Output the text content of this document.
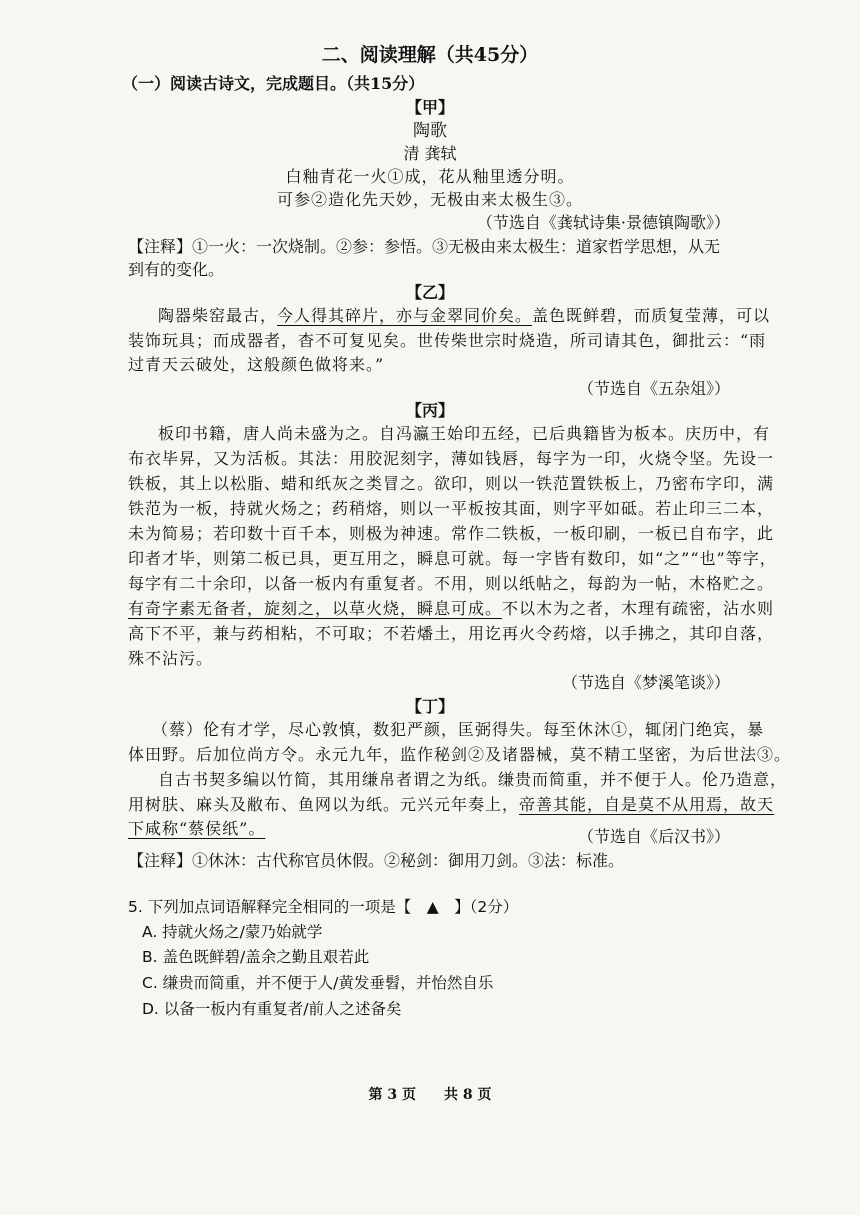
二、阅读理解（共45分）
（一）阅读古诗文，完成题目。（共15分）
【甲】
陶歌
清 龚轼
白釉青花一火①成，花从釉里透分明。
可参②造化先天妙，无极由来太极生③。
（节选自《龚轼诗集·景德镇陶歌》）
【注释】①一火：一次烧制。②参：参悟。③无极由来太极生：道家哲学思想，从无
到有的变化。
【乙】
陶器柴窑最古，今人得其碎片，亦与金翠同价矣。盖色既鲜碧，而质复莹薄，可以
装饰玩具；而成器者，杳不可复见矣。世传柴世宗时烧造，所司请其色，御批云：“雨
过青天云破处，这般颜色做将来。”
（节选自《五杂俎》）
【丙】
板印书籍，唐人尚未盛为之。自冯瀛王始印五经，已后典籍皆为板本。庆历中，有
布衣毕昇，又为活板。其法：用胶泥刻字，薄如钱唇，每字为一印，火烧令坚。先设一
铁板，其上以松脂、蜡和纸灰之类冒之。欲印，则以一铁范置铁板上，乃密布字印，满
铁范为一板，持就火炀之；药稍熔，则以一平板按其面，则字平如砥。若止印三二本，
未为简易；若印数十百千本，则极为神速。常作二铁板，一板印刷，一板已自布字，此
印者才毕，则第二板已具，更互用之，瞬息可就。每一字皆有数印，如“之”“也”等字，
每字有二十余印，以备一板内有重复者。不用，则以纸帖之，每韵为一帖，木格贮之。
有奇字素无备者，旋刻之，以草火烧，瞬息可成。不以木为之者，木理有疏密，沾水则
高下不平，兼与药相粘，不可取；不若燔土，用讫再火令药熔，以手拂之，其印自落，
殊不沾污。
（节选自《梦溪笔谈》）
【丁】
（蔡）伦有才学，尽心敦慎，数犯严颜，匡弼得失。每至休沐①，辄闭门绝宾，暴
体田野。后加位尚方令。永元九年，监作秘剑②及诸器械，莫不精工坚密，为后世法③。
自古书契多编以竹简，其用缣帛者谓之为纸。缣贵而简重，并不便于人。伦乃造意，
用树肤、麻头及敝布、鱼网以为纸。元兴元年奏上，帝善其能，自是莫不从用焉，故天
下咸称“蔡侯纸”。	（节选自《后汉书》）
【注释】①休沐：古代称官员休假。②秘剑：御用刀剑。③法：标准。
5. 下列加点词语解释完全相同的一项是【　▲　】（2分）
A. 持就火炀之/蒙乃始就学
B. 盖色既鲜碧/盖余之勤且艰若此
C. 缣贵而简重，并不便于人/黄发垂髫，并怡然自乐
D. 以备一板内有重复者/前人之述备矣
第 3 页　　共 8 页
